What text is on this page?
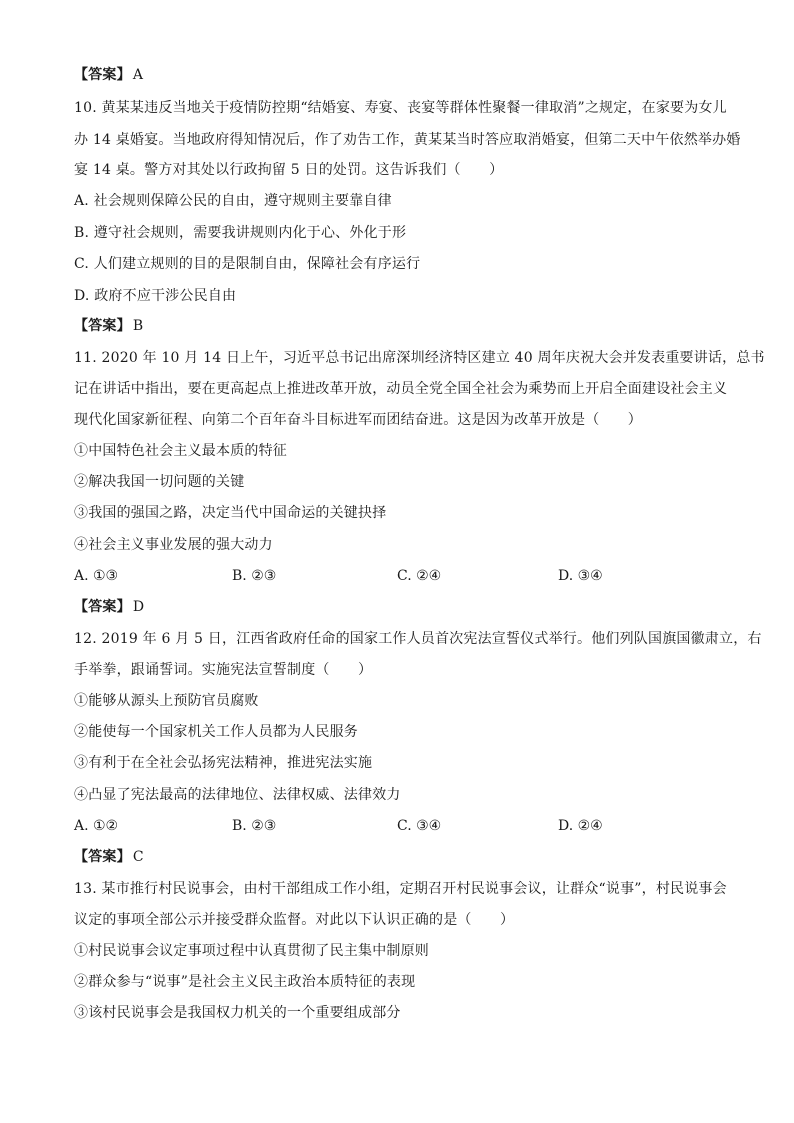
【答案】 A
10. 黄某某违反当地关于疫情防控期“结婚宴、寿宴、丧宴等群体性聚餐一律取消”之规定，在家要为女儿
办 14 桌婚宴。当地政府得知情况后，作了劝告工作，黄某某当时答应取消婚宴，但第二天中午依然举办婚
宴 14 桌。警方对其处以行政拘留 5 日的处罚。这告诉我们（　　）
A. 社会规则保障公民的自由，遵守规则主要靠自律
B. 遵守社会规则，需要我讲规则内化于心、外化于形
C. 人们建立规则的目的是限制自由，保障社会有序运行
D. 政府不应干涉公民自由
【答案】 B
11. 2020 年 10 月 14 日上午，习近平总书记出席深圳经济特区建立 40 周年庆祝大会并发表重要讲话，总书
记在讲话中指出，要在更高起点上推进改革开放，动员全党全国全社会为乘势而上开启全面建设社会主义
现代化国家新征程、向第二个百年奋斗目标进军而团结奋进。这是因为改革开放是（　　）
①中国特色社会主义最本质的特征
②解决我国一切问题的关键
③我国的强国之路，决定当代中国命运的关键抉择
④社会主义事业发展的强大动力
A. ①③	B. ②③	C. ②④	D. ③④
【答案】 D
12. 2019 年 6 月 5 日，江西省政府任命的国家工作人员首次宪法宣誓仪式举行。他们列队国旗国徽肃立，右
手举拳，跟诵誓词。实施宪法宣誓制度（　　）
①能够从源头上预防官员腐败
②能使每一个国家机关工作人员都为人民服务
③有利于在全社会弘扬宪法精神，推进宪法实施
④凸显了宪法最高的法律地位、法律权威、法律效力
A. ①②	B. ②③	C. ③④	D. ②④
【答案】 C
13. 某市推行村民说事会，由村干部组成工作小组，定期召开村民说事会议，让群众“说事”，村民说事会
议定的事项全部公示并接受群众监督。对此以下认识正确的是（　　）
①村民说事会议定事项过程中认真贯彻了民主集中制原则
②群众参与“说事”是社会主义民主政治本质特征的表现
③该村民说事会是我国权力机关的一个重要组成部分
